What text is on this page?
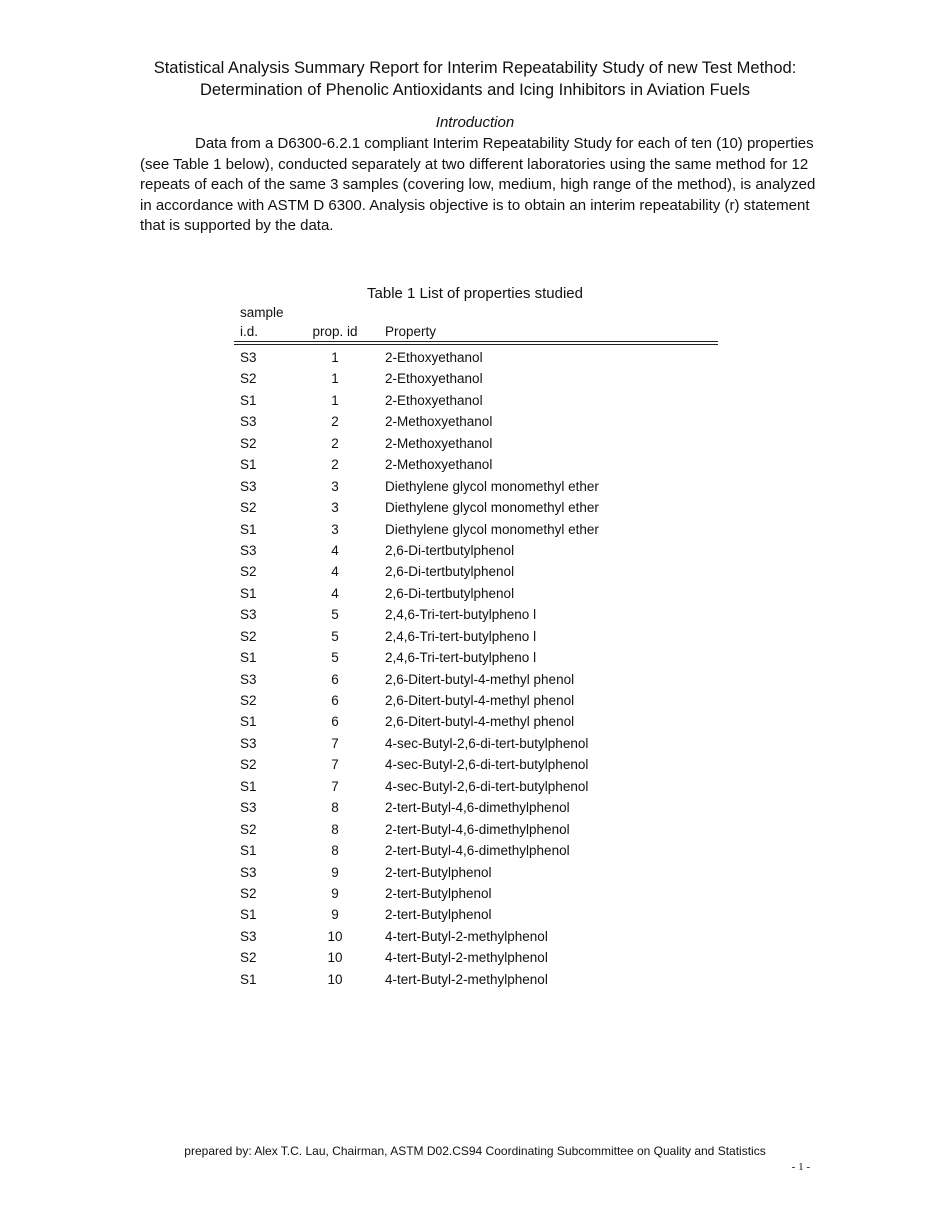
Statistical Analysis Summary Report for Interim Repeatability Study of new Test Method:
Determination of Phenolic Antioxidants and Icing Inhibitors in Aviation Fuels
Introduction

Data from a D6300-6.2.1 compliant Interim Repeatability Study for each of ten (10) properties (see Table 1 below), conducted separately at two different laboratories using the same method for 12 repeats of each of the same 3 samples (covering low, medium, high range of the method), is analyzed in accordance with ASTM D 6300. Analysis objective is to obtain an interim repeatability (r) statement that is supported by the data.

Table 1 List of properties studied
sample
i.d.	prop. id	Property
S3	1	2-Ethoxyethanol
S2	1	2-Ethoxyethanol
S1	1	2-Ethoxyethanol
S3	2	2-Methoxyethanol
S2	2	2-Methoxyethanol
S1	2	2-Methoxyethanol
S3	3	Diethylene glycol monomethyl ether
S2	3	Diethylene glycol monomethyl ether
S1	3	Diethylene glycol monomethyl ether
S3	4	2,6-Di-tertbutylphenol
S2	4	2,6-Di-tertbutylphenol
S1	4	2,6-Di-tertbutylphenol
S3	5	2,4,6-Tri-tert-butylpheno l
S2	5	2,4,6-Tri-tert-butylpheno l
S1	5	2,4,6-Tri-tert-butylpheno l
S3	6	2,6-Ditert-butyl-4-methyl phenol
S2	6	2,6-Ditert-butyl-4-methyl phenol
S1	6	2,6-Ditert-butyl-4-methyl phenol
S3	7	4-sec-Butyl-2,6-di-tert-butylphenol
S2	7	4-sec-Butyl-2,6-di-tert-butylphenol
S1	7	4-sec-Butyl-2,6-di-tert-butylphenol
S3	8	2-tert-Butyl-4,6-dimethylphenol
S2	8	2-tert-Butyl-4,6-dimethylphenol
S1	8	2-tert-Butyl-4,6-dimethylphenol
S3	9	2-tert-Butylphenol
S2	9	2-tert-Butylphenol
S1	9	2-tert-Butylphenol
S3	10	4-tert-Butyl-2-methylphenol
S2	10	4-tert-Butyl-2-methylphenol
S1	10	4-tert-Butyl-2-methylphenol
prepared by: Alex T.C. Lau, Chairman, ASTM D02.CS94 Coordinating Subcommittee on Quality and Statistics
- 1 -
